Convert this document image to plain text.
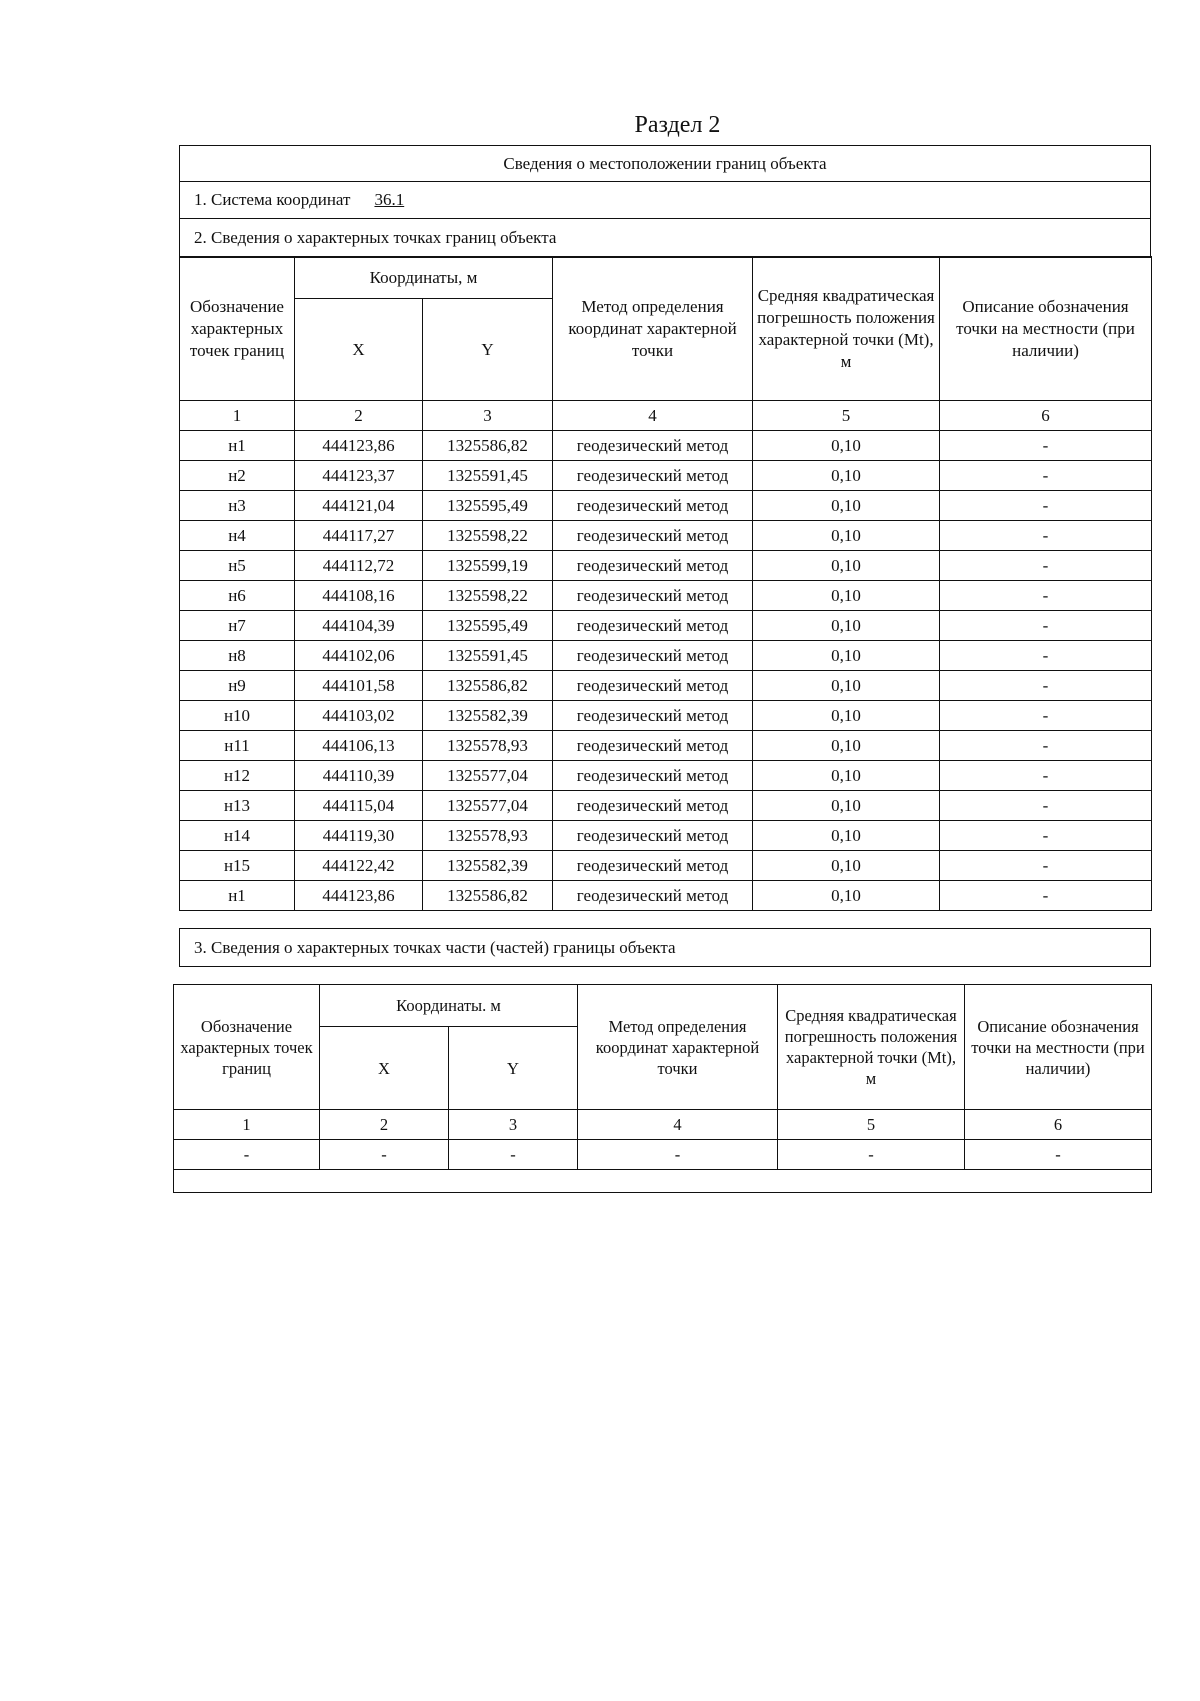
Раздел 2
Сведения о местоположении границ объекта
1. Система координат 36.1
2. Сведения о характерных точках границ объекта
Обозначение характерных точек границ	Координаты, м		Метод определения координат характерной точки	Средняя квадратическая погрешность положения характерной точки (Mt), м	Описание обозначения точки на местности (при наличии)
	X	Y			
1	2	3	4	5	6
н1	444123,86	1325586,82	геодезический метод	0,10	-
н2	444123,37	1325591,45	геодезический метод	0,10	-
н3	444121,04	1325595,49	геодезический метод	0,10	-
н4	444117,27	1325598,22	геодезический метод	0,10	-
н5	444112,72	1325599,19	геодезический метод	0,10	-
н6	444108,16	1325598,22	геодезический метод	0,10	-
н7	444104,39	1325595,49	геодезический метод	0,10	-
н8	444102,06	1325591,45	геодезический метод	0,10	-
н9	444101,58	1325586,82	геодезический метод	0,10	-
н10	444103,02	1325582,39	геодезический метод	0,10	-
н11	444106,13	1325578,93	геодезический метод	0,10	-
н12	444110,39	1325577,04	геодезический метод	0,10	-
н13	444115,04	1325577,04	геодезический метод	0,10	-
н14	444119,30	1325578,93	геодезический метод	0,10	-
н15	444122,42	1325582,39	геодезический метод	0,10	-
н1	444123,86	1325586,82	геодезический метод	0,10	-
3. Сведения о характерных точках части (частей) границы объекта
Обозначение характерных точек границ	Координаты. м		Метод определения координат характерной точки	Средняя квадратическая погрешность положения характерной точки (Mt), м	Описание обозначения точки на местности (при наличии)
	X	Y			
1	2	3	4	5	6
-	-	-	-	-	-
